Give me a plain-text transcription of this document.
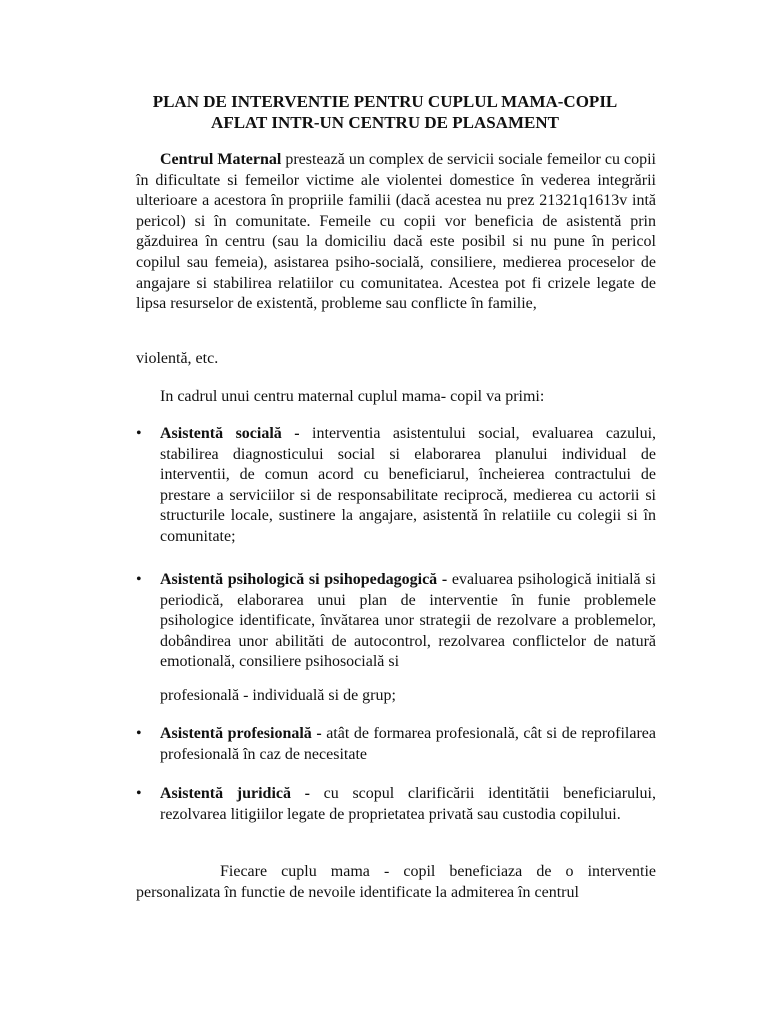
PLAN DE INTERVENTIE PENTRU CUPLUL MAMA-COPIL
AFLAT INTR-UN CENTRU DE PLASAMENT
Centrul Maternal prestează un complex de servicii sociale femeilor cu copii în dificultate si femeilor victime ale violentei domestice în vederea integrării ulterioare a acestora în propriile familii (dacă acestea nu prez 21321q1613v intă pericol) si în comunitate. Femeile cu copii vor beneficia de asistentă prin găzduirea în centru (sau la domiciliu dacă este posibil si nu pune în pericol copilul sau femeia), asistarea psiho-socială, consiliere, medierea proceselor de angajare si stabilirea relatiilor cu comunitatea. Acestea pot fi crizele legate de lipsa resurselor de existentă, probleme sau conflicte în familie,
violentă, etc.
In cadrul unui centru maternal cuplul mama- copil va primi:
• Asistentă socială - interventia asistentului social, evaluarea cazului, stabilirea diagnosticului social si elaborarea planului individual de interventii, de comun acord cu beneficiarul, încheierea contractului de prestare a serviciilor si de responsabilitate reciprocă, medierea cu actorii si structurile locale, sustinere la angajare, asistentă în relatiile cu colegii si în comunitate;
• Asistentă psihologică si psihopedagogică - evaluarea psihologică initială si periodică, elaborarea unui plan de interventie în funie problemele psihologice identificate, învătarea unor strategii de rezolvare a problemelor, dobândirea unor abilităti de autocontrol, rezolvarea conflictelor de natură emotională, consiliere psihosocială si
profesională - individuală si de grup;
• Asistentă profesională - atât de formarea profesională, cât si de reprofilarea profesională în caz de necesitate
• Asistentă juridică - cu scopul clarificării identitătii beneficiarului, rezolvarea litigiilor legate de proprietatea privată sau custodia copilului.
Fiecare cuplu mama - copil beneficiaza de o interventie personalizata în functie de nevoile identificate la admiterea în centrul
